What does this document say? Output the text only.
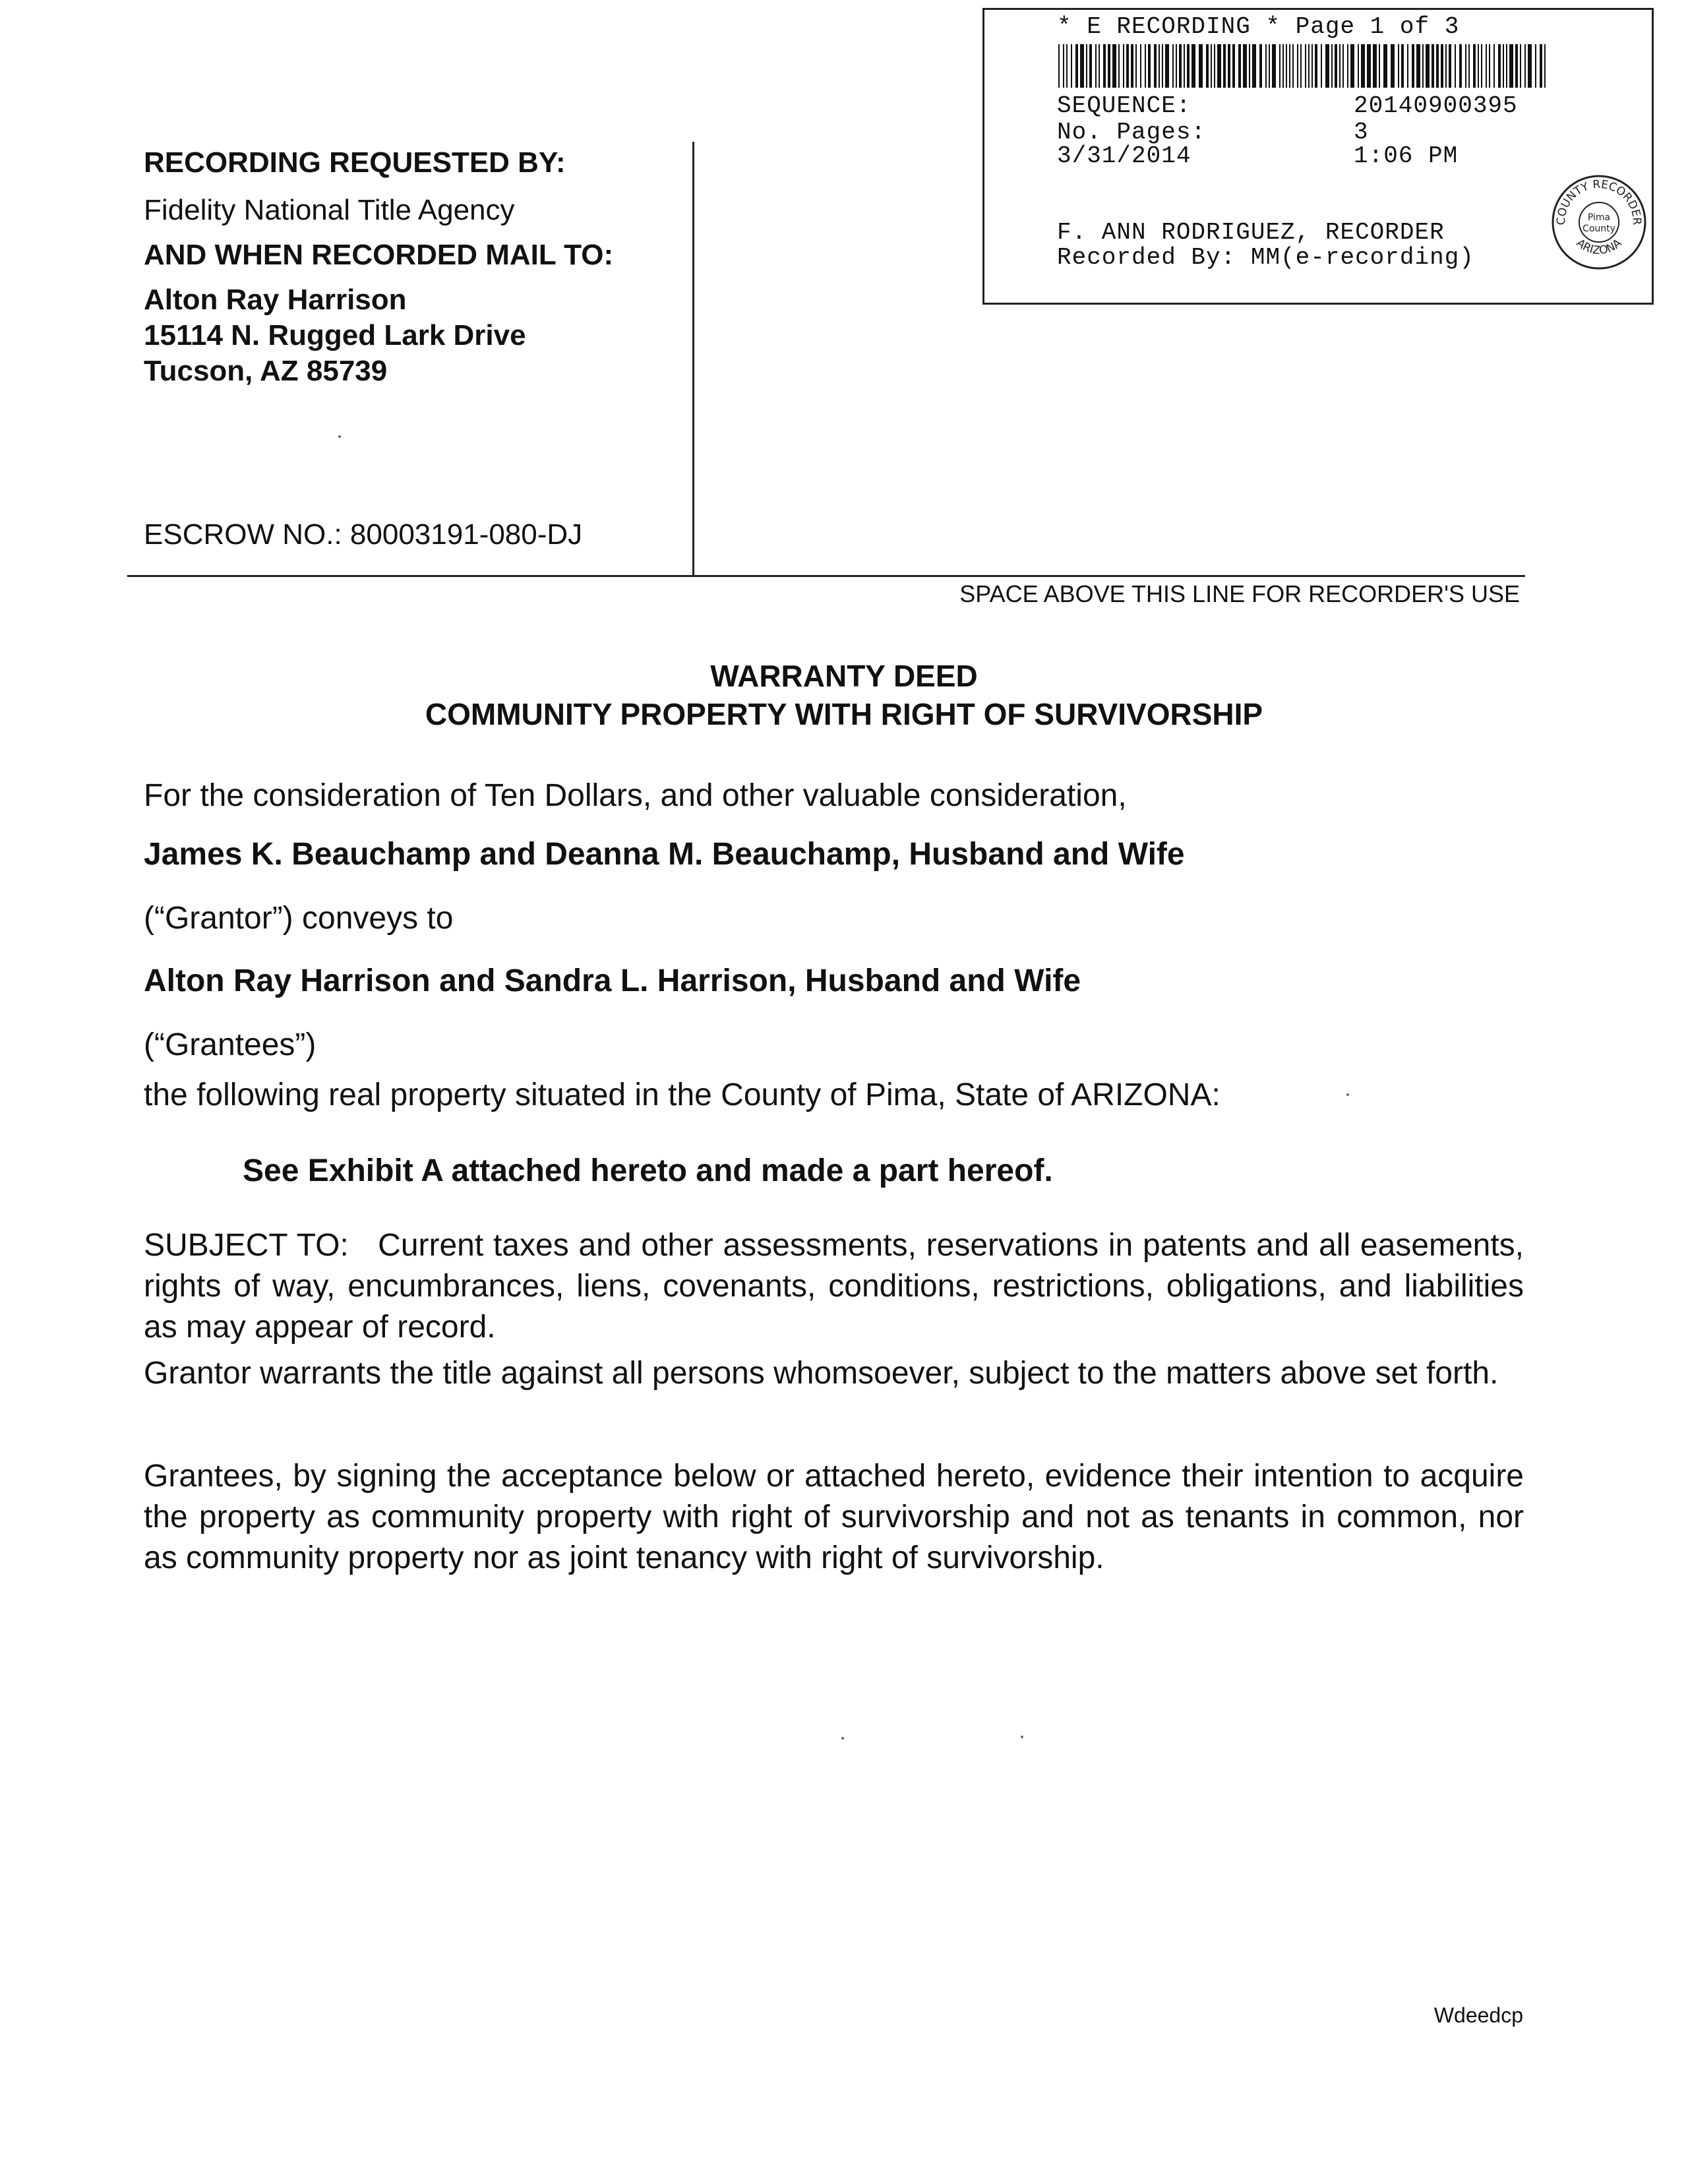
* E RECORDING * Page 1 of 3
SEQUENCE:	20140900395
No. Pages:	3
3/31/2014	1:06 PM
F. ANN RODRIGUEZ, RECORDER
Recorded By: MM(e-recording)
COUNTY RECORDER
ARIZONA
Pima
County
RECORDING REQUESTED BY:
Fidelity National Title Agency
AND WHEN RECORDED MAIL TO:
Alton Ray Harrison
15114 N. Rugged Lark Drive
Tucson, AZ 85739
ESCROW NO.: 80003191-080-DJ
SPACE ABOVE THIS LINE FOR RECORDER'S USE
WARRANTY DEED
COMMUNITY PROPERTY WITH RIGHT OF SURVIVORSHIP
For the consideration of Ten Dollars, and other valuable consideration,
James K. Beauchamp and Deanna M. Beauchamp, Husband and Wife
(“Grantor”) conveys to
Alton Ray Harrison and Sandra L. Harrison, Husband and Wife
(“Grantees”)
the following real property situated in the County of Pima, State of ARIZONA:
See Exhibit A attached hereto and made a part hereof.
SUBJECT TO: Current taxes and other assessments, reservations in patents and all easements, rights of way, encumbrances, liens, covenants, conditions, restrictions, obligations, and liabilities as may appear of record.
Grantor warrants the title against all persons whomsoever, subject to the matters above set forth.
Grantees, by signing the acceptance below or attached hereto, evidence their intention to acquire the property as community property with right of survivorship and not as tenants in common, nor as community property nor as joint tenancy with right of survivorship.
Wdeedcp
